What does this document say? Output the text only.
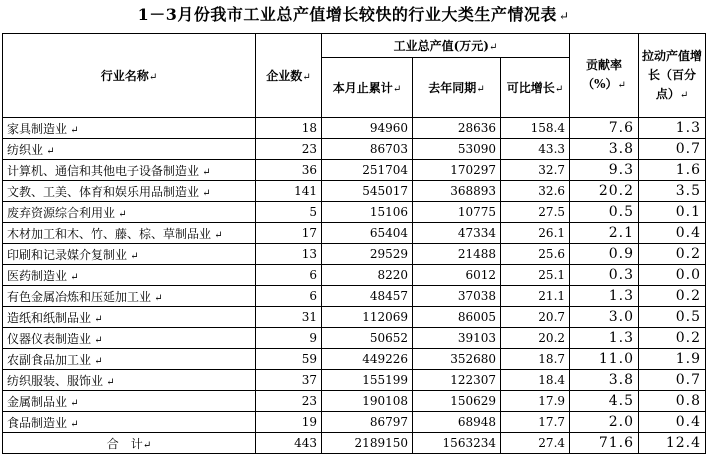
1－3月份我市工业总产值增长较快的行业大类生产情况表 ↵
行业名称↵	企业数↵	工业总产值(万元)↵			贡献率（%）↵	拉动产值增长（百分点）↵
		本月止累计↵	去年同期↵	可比增长↵		
家具制造业 ↵	18	94960	28636	158.4	7.6	1.3
纺织业 ↵	23	86703	53090	43.3	3.8	0.7
计算机、通信和其他电子设备制造业 ↵	36	251704	170297	32.7	9.3	1.6
文教、工美、体育和娱乐用品制造业 ↵	141	545017	368893	32.6	20.2	3.5
废弃资源综合利用业 ↵	5	15106	10775	27.5	0.5	0.1
木材加工和木、竹、藤、棕、草制品业 ↵	17	65404	47334	26.1	2.1	0.4
印刷和记录媒介复制业 ↵	13	29529	21488	25.6	0.9	0.2
医药制造业 ↵	6	8220	6012	25.1	0.3	0.0
有色金属冶炼和压延加工业 ↵	6	48457	37038	21.1	1.3	0.2
造纸和纸制品业 ↵	31	112069	86005	20.7	3.0	0.5
仪器仪表制造业 ↵	9	50652	39103	20.2	1.3	0.2
农副食品加工业 ↵	59	449226	352680	18.7	11.0	1.9
纺织服装、服饰业 ↵	37	155199	122307	18.4	3.8	0.7
金属制品业 ↵	23	190108	150629	17.9	4.5	0.8
食品制造业 ↵	19	86797	68948	17.7	2.0	0.4
合　计↵	443	2189150	1563234	27.4	71.6	12.4
